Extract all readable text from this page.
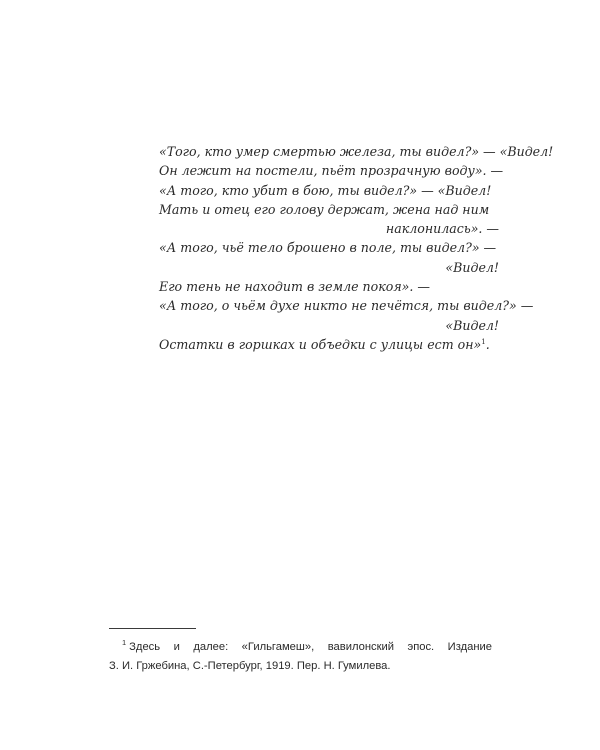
«Того, кто умер смертью железа, ты видел?» — «Видел!
Он лежит на постели, пьёт прозрачную воду». —
«А того, кто убит в бою, ты видел?» — «Видел!
Мать и отец его голову держат, жена над ним
наклонилась». —
«А того, чьё тело брошено в поле, ты видел?» —
«Видел!
Его тень не находит в земле покоя». —
«А того, о чьём духе никто не печётся, ты видел?» —
«Видел!
Остатки в горшках и объедки с улицы ест он»$^1$.
$^1$ Здесь и далее: «Гильгамеш», вавилонский эпос. Издание
З. И. Гржебина, С.-Петербург, 1919. Пер. Н. Гумилева.
